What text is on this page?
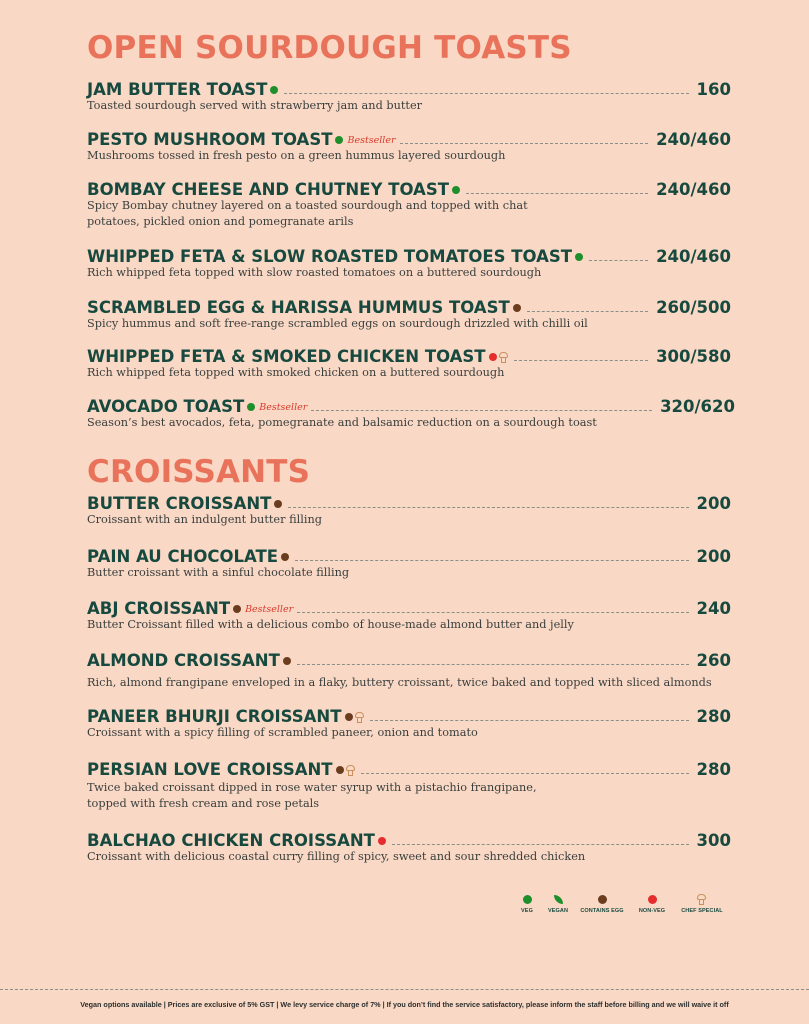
OPEN SOURDOUGH TOASTS
JAM BUTTER TOAST	160
Toasted sourdough served with strawberry jam and butter
PESTO MUSHROOM TOAST Bestseller	240/460
Mushrooms tossed in fresh pesto on a green hummus layered sourdough
BOMBAY CHEESE AND CHUTNEY TOAST	240/460
Spicy Bombay chutney layered on a toasted sourdough and topped with chat potatoes, pickled onion and pomegranate arils
WHIPPED FETA & SLOW ROASTED TOMATOES TOAST	240/460
Rich whipped feta topped with slow roasted tomatoes on a buttered sourdough
SCRAMBLED EGG & HARISSA HUMMUS TOAST	260/500
Spicy hummus and soft free-range scrambled eggs on sourdough drizzled with chilli oil
WHIPPED FETA & SMOKED CHICKEN TOAST	300/580
Rich whipped feta topped with smoked chicken on a buttered sourdough
AVOCADO TOAST Bestseller	320/620
Season’s best avocados, feta, pomegranate and balsamic reduction on a sourdough toast
CROISSANTS
BUTTER CROISSANT	200
Croissant with an indulgent butter filling
PAIN AU CHOCOLATE	200
Butter croissant with a sinful chocolate filling
ABJ CROISSANT Bestseller	240
Butter Croissant filled with a delicious combo of house-made almond butter and jelly
ALMOND CROISSANT	260
Rich, almond frangipane enveloped in a flaky, buttery croissant, twice baked and topped with sliced almonds
PANEER BHURJI CROISSANT	280
Croissant with a spicy filling of scrambled paneer, onion and tomato
PERSIAN LOVE CROISSANT	280
Twice baked croissant dipped in rose water syrup with a pistachio frangipane, topped with fresh cream and rose petals
BALCHAO CHICKEN CROISSANT	300
Croissant with delicious coastal curry filling of spicy, sweet and sour shredded chicken
VEG	VEGAN CONTAINS EGG	NON-VEG	CHEF SPECIAL
Vegan options available | Prices are exclusive of 5% GST | We levy service charge of 7% | If you don’t find the service satisfactory, please inform the staff before billing and we will waive it off
